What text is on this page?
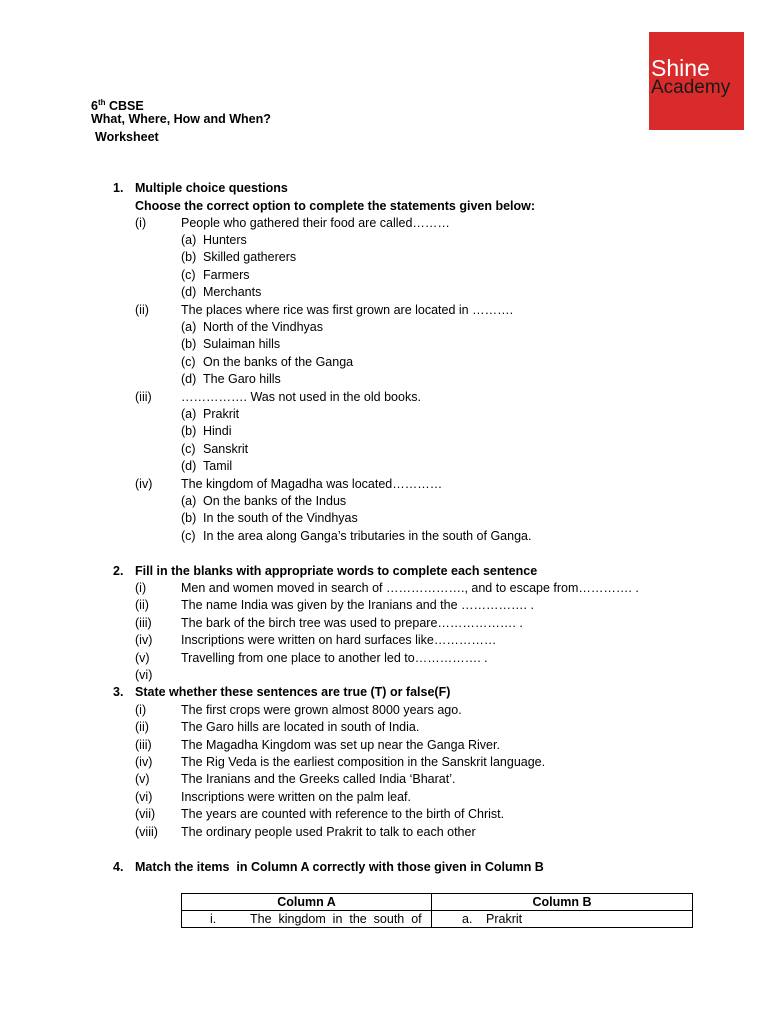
Shine
Academy
6th CBSE
What, Where, How and When?
Worksheet
1. Multiple choice questions
Choose the correct option to complete the statements given below:
(i)	People who gathered their food are called………
(a) Hunters
(b) Skilled gatherers
(c) Farmers
(d) Merchants
(ii)	The places where rice was first grown are located in ……….
(a) North of the Vindhyas
(b) Sulaiman hills
(c) On the banks of the Ganga
(d) The Garo hills
(iii) ……………. Was not used in the old books.
(a) Prakrit
(b) Hindi
(c) Sanskrit
(d) Tamil
(iv) The kingdom of Magadha was located…………
(a) On the banks of the Indus
(b) In the south of the Vindhyas
(c) In the area along Ganga’s tributaries in the south of Ganga.
2. Fill in the blanks with appropriate words to complete each sentence
(i)	Men and women moved in search of ………………., and to escape from…………. .
(ii)	The name India was given by the Iranians and the ……………. .
(iii) The bark of the birch tree was used to prepare………………. .
(iv) Inscriptions were written on hard surfaces like……………
(v)	Travelling from one place to another led to……………. .
(vi)
3. State whether these sentences are true (T) or false(F)
(i)	The first crops were grown almost 8000 years ago.
(ii)	The Garo hills are located in south of India.
(iii) The Magadha Kingdom was set up near the Ganga River.
(iv) The Rig Veda is the earliest composition in the Sanskrit language.
(v)	The Iranians and the Greeks called India ‘Bharat’.
(vi) Inscriptions were written on the palm leaf.
(vii) The years are counted with reference to the birth of Christ.
(viii) The ordinary people used Prakrit to talk to each other
4. Match the items  in Column A correctly with those given in Column B
Column A	Column B
i. The  kingdom  in  the  south  of	a. Prakrit
